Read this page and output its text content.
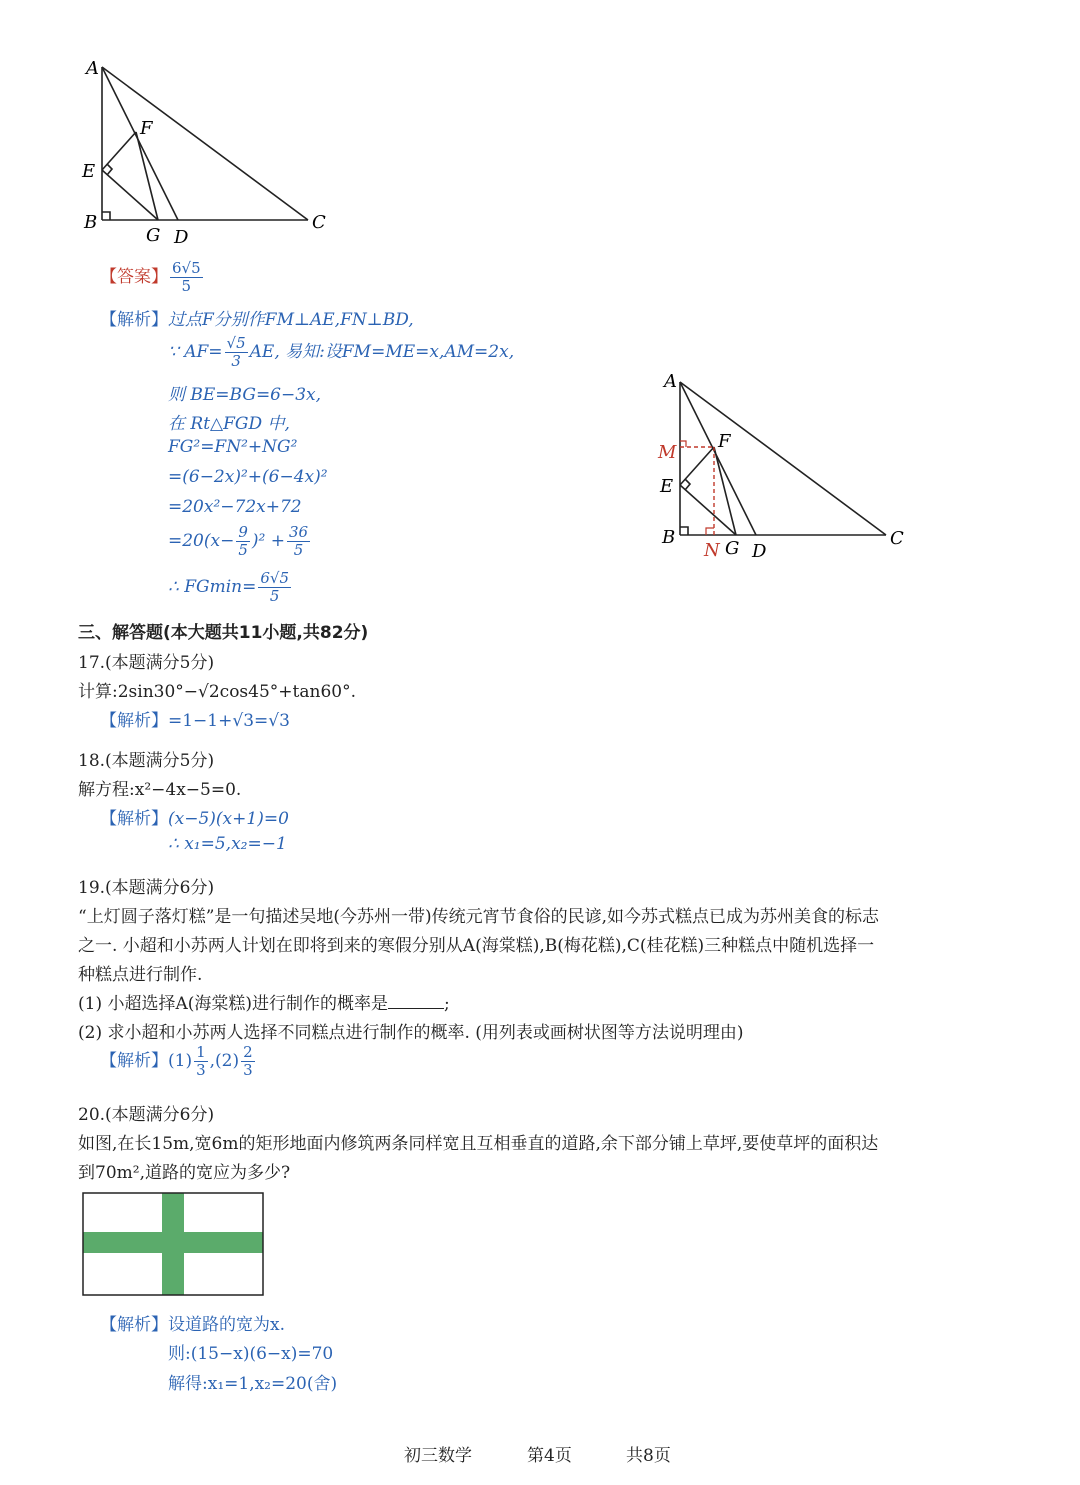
A
F
E
B
G D
C
A
F
M
E
B
N G D
C
【答案】 $\frac{6√5}{5}$
【解析】过点F分别作FM⊥AE,FN⊥BD,
∵ $AF= \frac{√5}{3}$ AE, 易知:设FM=ME=x,AM=2x,
则 BE=BG=6−3x,
在 Rt△FGD 中,
FG²=FN²+NG²
=(6−2x)²+(6−4x)²
=20x²−72x+72
$=20(x- \frac{9}{5} )^2 + \frac{36}{5}$
∴ $FGmin= \frac{6√5}{5}$
三、解答题(本大题共11小题,共82分)
17.(本题满分5分)
计算:2sin30°−√2cos45°+tan60°.
【解析】=1−1+√3=√3
18.(本题满分5分)
解方程:x²−4x−5=0.
【解析】(x−5)(x+1)=0
∴ x₁=5,x₂=−1
19.(本题满分6分)
“上灯圆子落灯糕”是一句描述吴地(今苏州一带)传统元宵节食俗的民谚,如今苏式糕点已成为苏州美食的标志
之一. 小超和小苏两人计划在即将到来的寒假分别从A(海棠糕),B(梅花糕),C(桂花糕)三种糕点中随机选择一
种糕点进行制作.
(1) 小超选择A(海棠糕)进行制作的概率是	;
(2) 求小超和小苏两人选择不同糕点进行制作的概率. (用列表或画树状图等方法说明理由)
【解析】$(1) \frac{1}{3} ,(2) \frac{2}{3}$
20.(本题满分6分)
如图,在长15m,宽6m的矩形地面内修筑两条同样宽且互相垂直的道路,余下部分铺上草坪,要使草坪的面积达
到70m²,道路的宽应为多少?
【解析】设道路的宽为x.
则:(15−x)(6−x)=70
解得:x₁=1,x₂=20(舍)
初三数学	第4页	共8页
